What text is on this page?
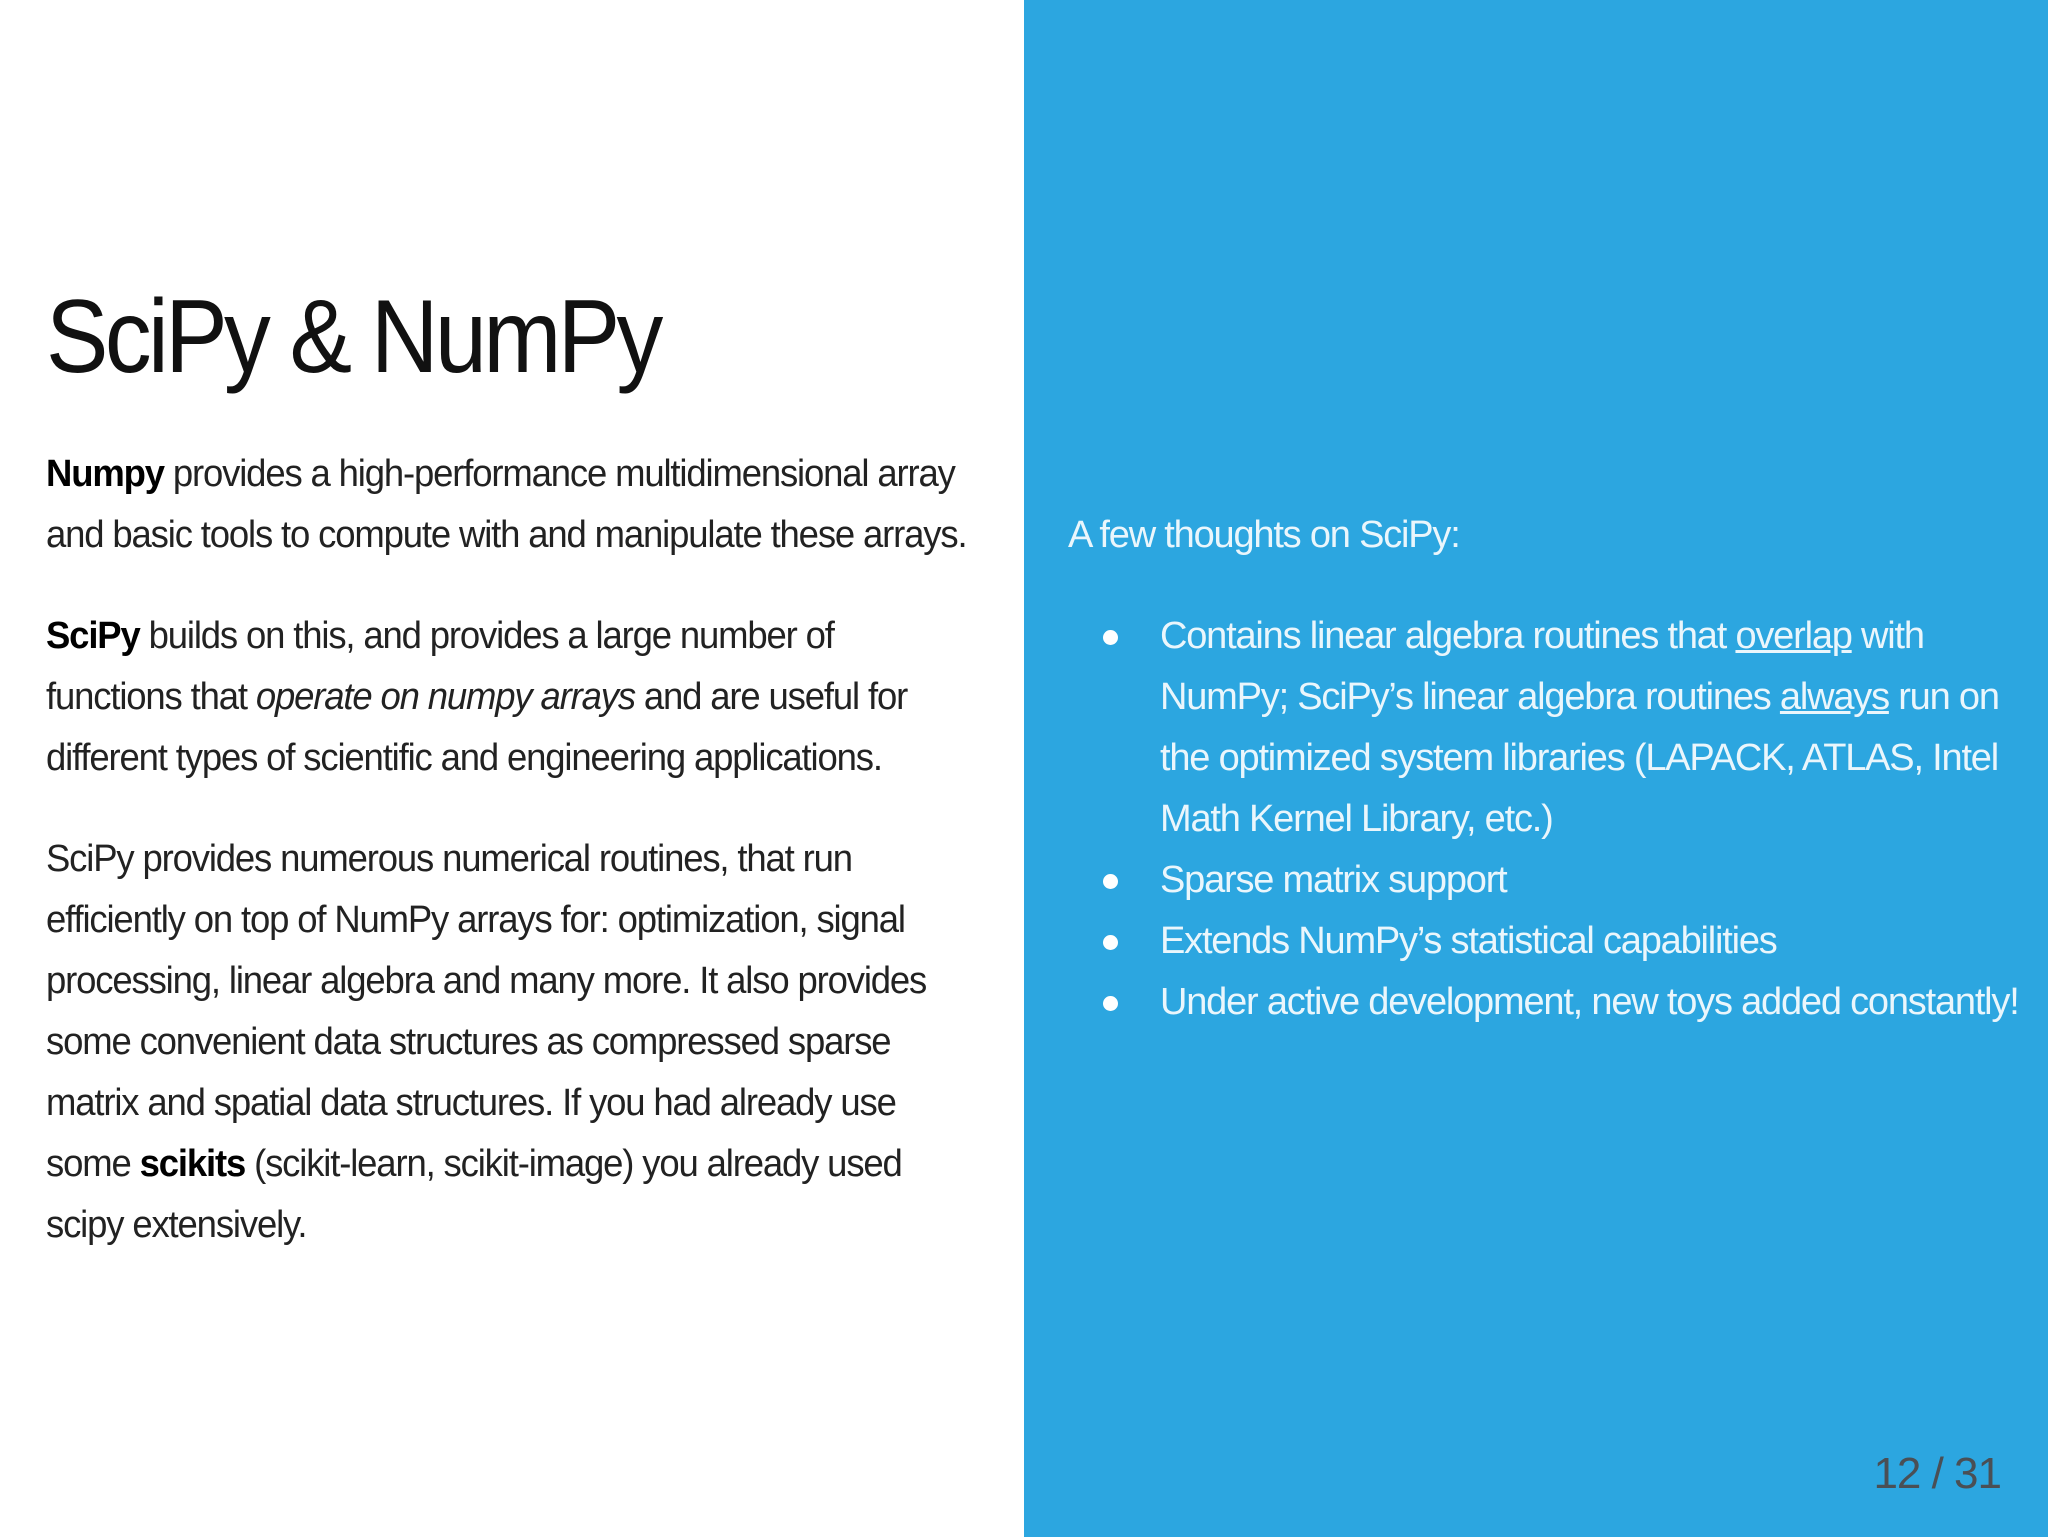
SciPy & NumPy

Numpy provides a high-performance multidimensional array and basic tools to compute with and manipulate these arrays.

SciPy builds on this, and provides a large number of functions that operate on numpy arrays and are useful for different types of scientific and engineering applications.

SciPy provides numerous numerical routines, that run efficiently on top of NumPy arrays for: optimization, signal processing, linear algebra and many more. It also provides some convenient data structures as compressed sparse matrix and spatial data structures. If you had already use some scikits (scikit-learn, scikit-image) you already used scipy extensively.

A few thoughts on SciPy:

Contains linear algebra routines that overlap with NumPy; SciPy’s linear algebra routines always run on the optimized system libraries (LAPACK, ATLAS, Intel Math Kernel Library, etc.)
Sparse matrix support
Extends NumPy’s statistical capabilities
Under active development, new toys added constantly!
12 / 31
